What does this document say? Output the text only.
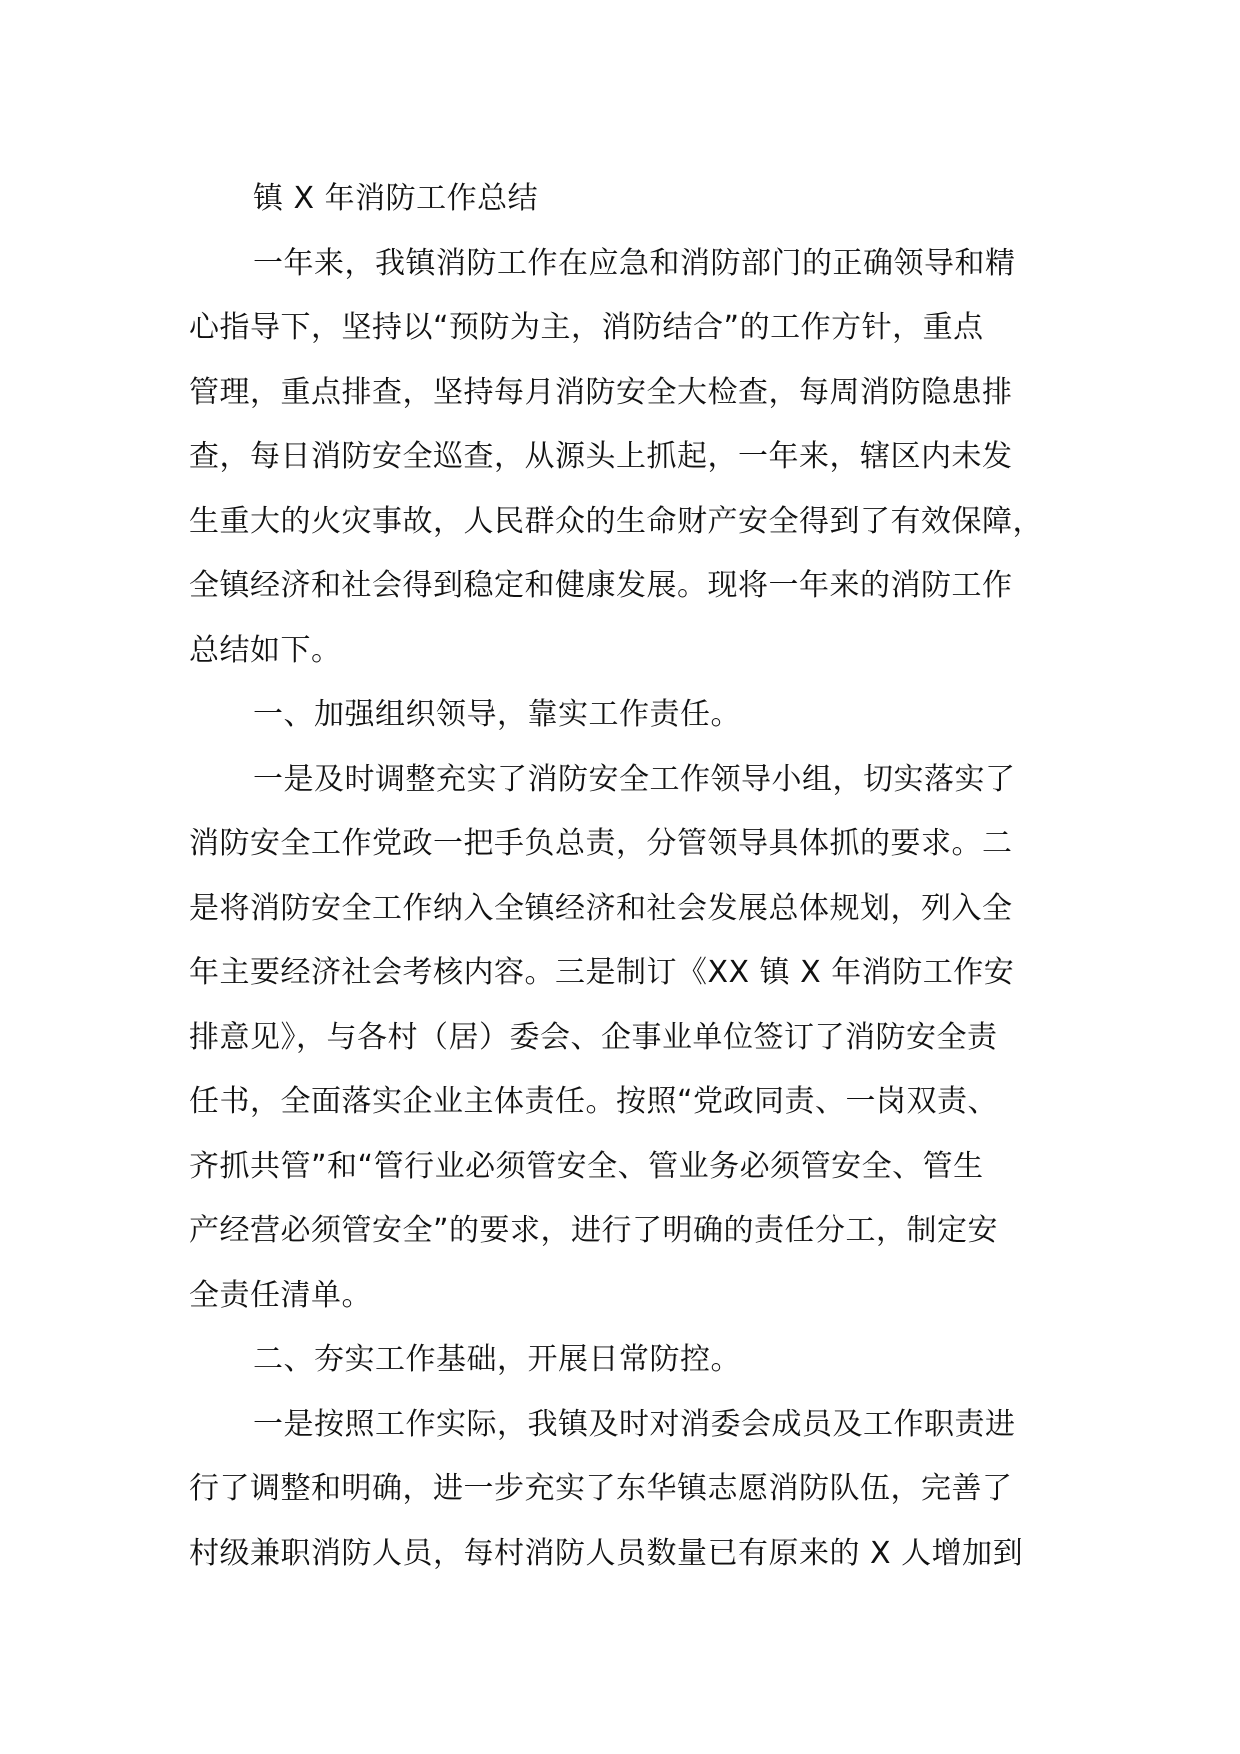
镇 X 年消防工作总结
一年来，我镇消防工作在应急和消防部门的正确领导和精
心指导下，坚持以“预防为主，消防结合”的工作方针，重点
管理，重点排查，坚持每月消防安全大检查，每周消防隐患排
查，每日消防安全巡查，从源头上抓起，一年来，辖区内未发
生重大的火灾事故，人民群众的生命财产安全得到了有效保障，
全镇经济和社会得到稳定和健康发展。现将一年来的消防工作
总结如下。
一、加强组织领导，靠实工作责任。
一是及时调整充实了消防安全工作领导小组，切实落实了
消防安全工作党政一把手负总责，分管领导具体抓的要求。二
是将消防安全工作纳入全镇经济和社会发展总体规划，列入全
年主要经济社会考核内容。三是制订《XX 镇 X 年消防工作安
排意见》，与各村（居）委会、企事业单位签订了消防安全责
任书，全面落实企业主体责任。按照“党政同责、一岗双责、
齐抓共管”和“管行业必须管安全、管业务必须管安全、管生
产经营必须管安全”的要求，进行了明确的责任分工，制定安
全责任清单。
二、夯实工作基础，开展日常防控。
一是按照工作实际，我镇及时对消委会成员及工作职责进
行了调整和明确，进一步充实了东华镇志愿消防队伍，完善了
村级兼职消防人员，每村消防人员数量已有原来的 X 人增加到
